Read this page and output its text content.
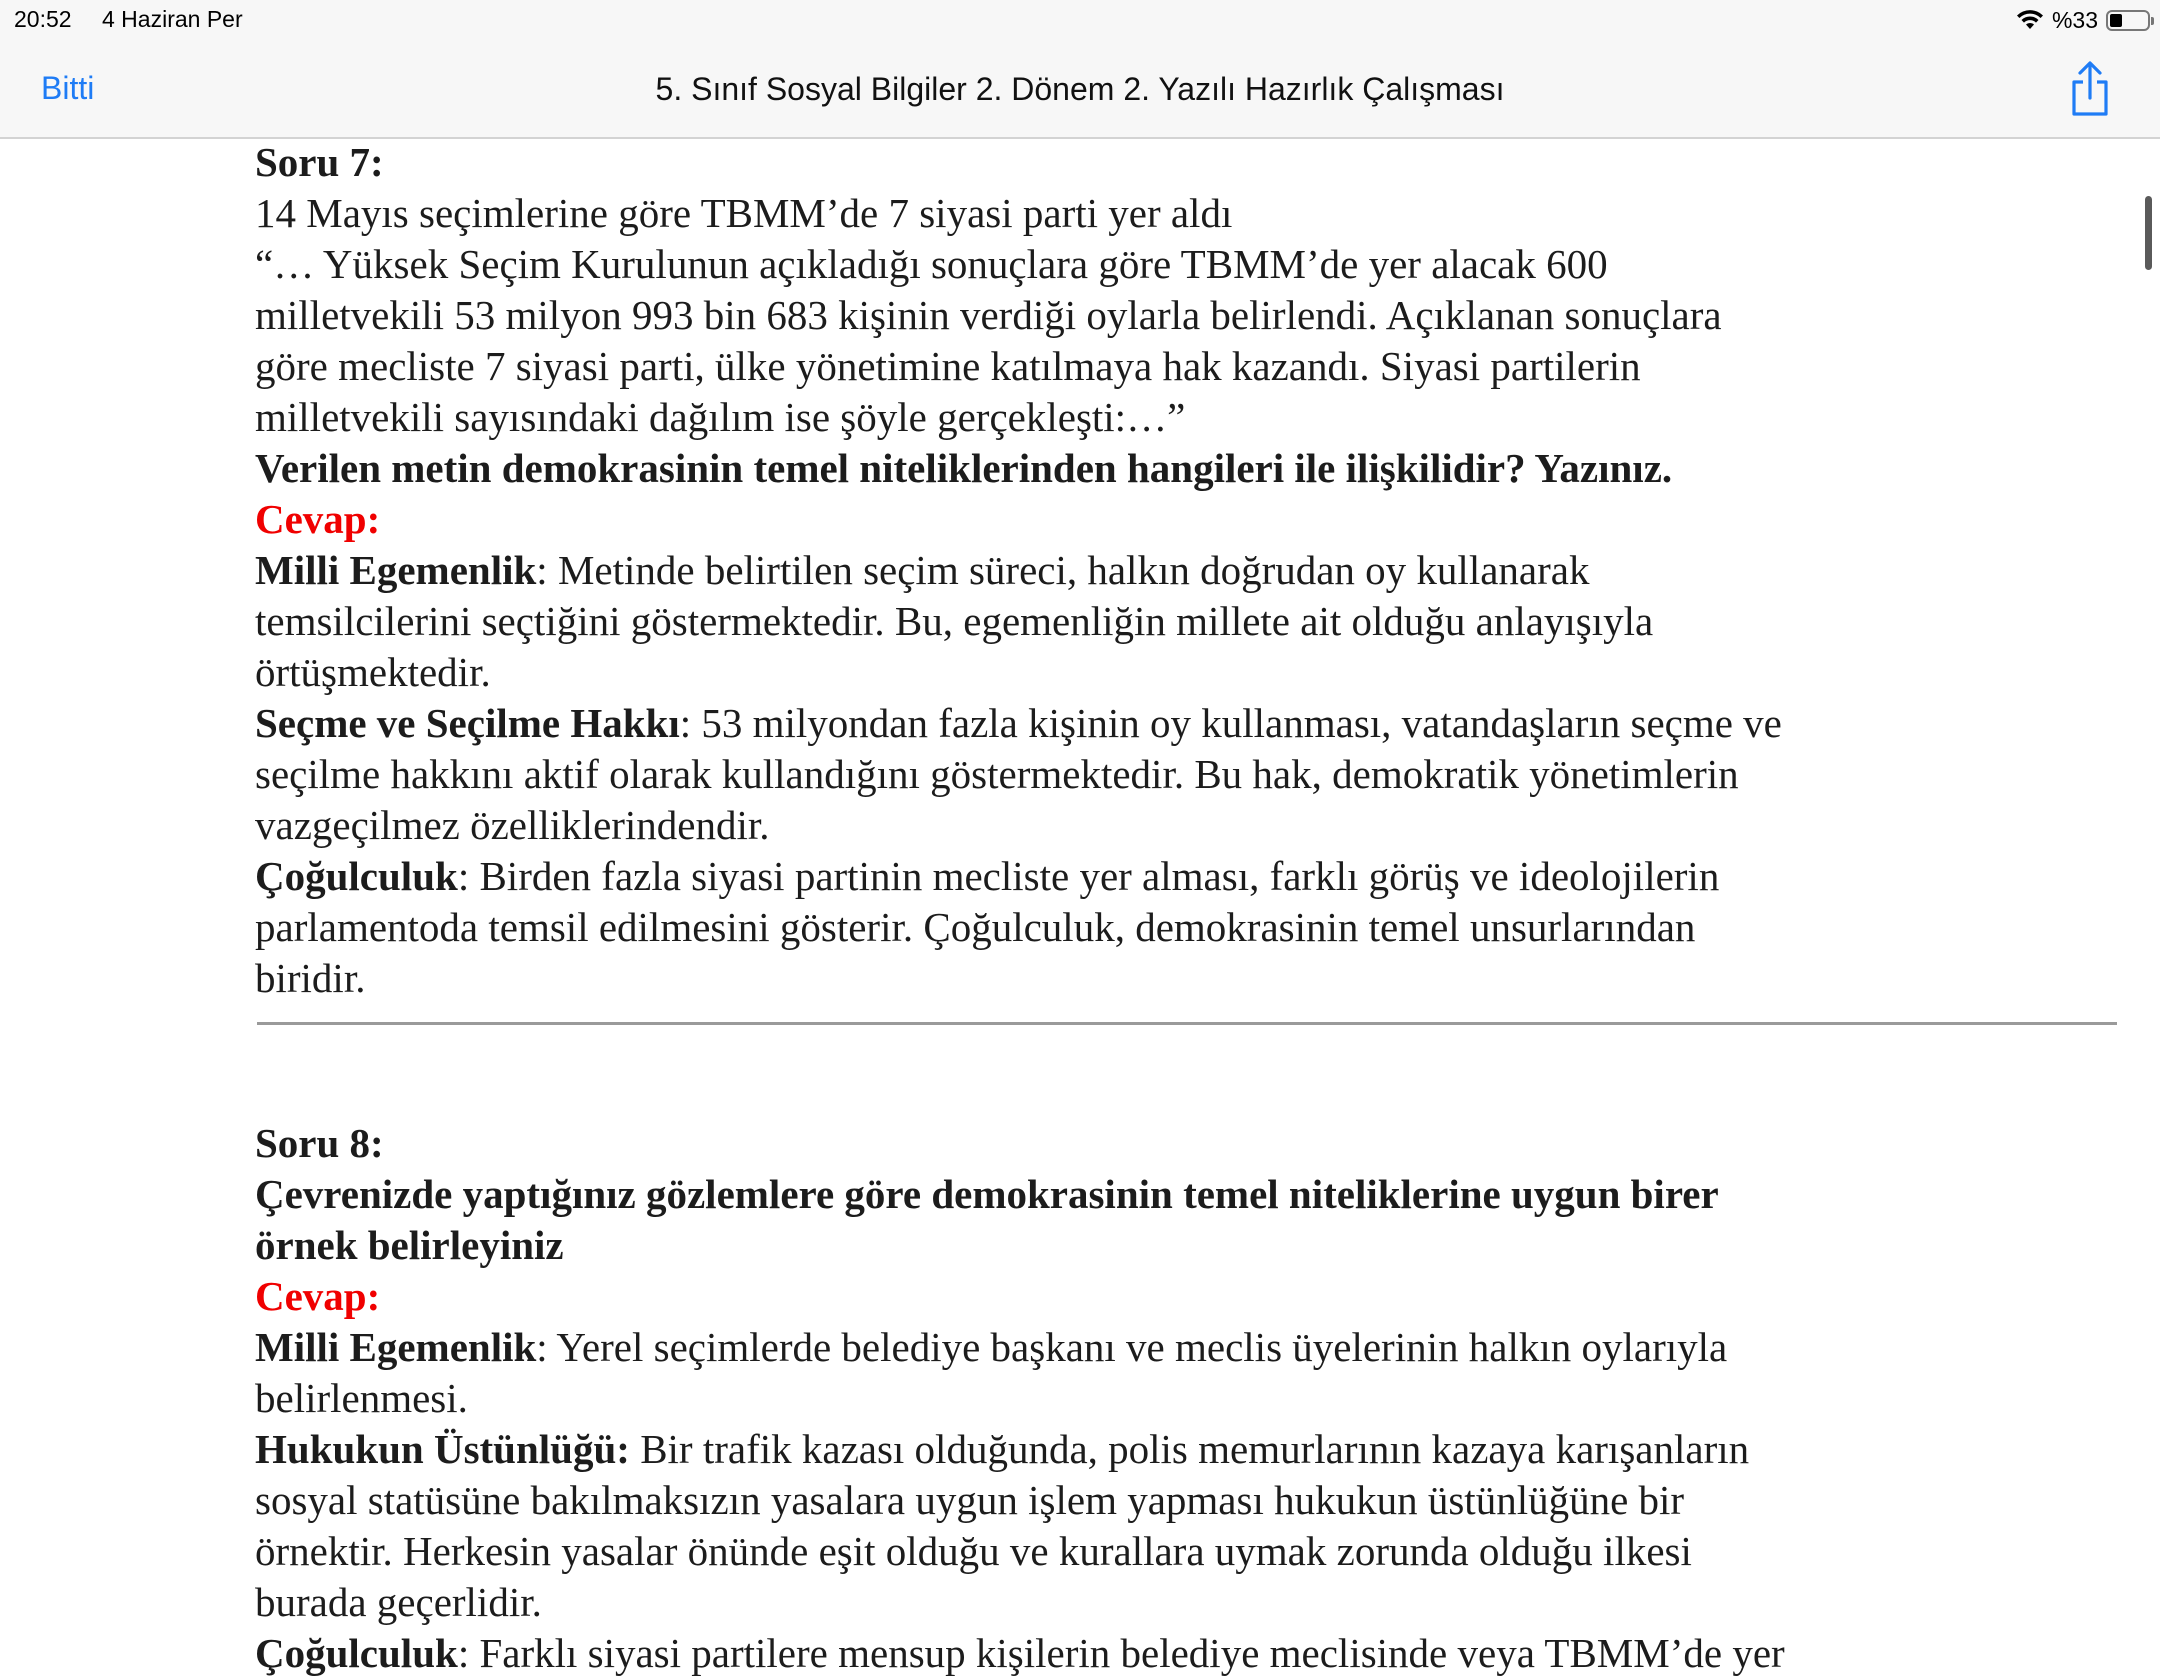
20:52 4 Haziran Per	%33
Bitti	5. Sınıf Sosyal Bilgiler 2. Dönem 2. Yazılı Hazırlık Çalışması
Soru 7:
14 Mayıs seçimlerine göre TBMM’de 7 siyasi parti yer aldı
“… Yüksek Seçim Kurulunun açıkladığı sonuçlara göre TBMM’de yer alacak 600
milletvekili 53 milyon 993 bin 683 kişinin verdiği oylarla belirlendi. Açıklanan sonuçlara
göre mecliste 7 siyasi parti, ülke yönetimine katılmaya hak kazandı. Siyasi partilerin
milletvekili sayısındaki dağılım ise şöyle gerçekleşti:…”
Verilen metin demokrasinin temel niteliklerinden hangileri ile ilişkilidir? Yazınız.
Cevap:
Milli Egemenlik: Metinde belirtilen seçim süreci, halkın doğrudan oy kullanarak
temsilcilerini seçtiğini göstermektedir. Bu, egemenliğin millete ait olduğu anlayışıyla
örtüşmektedir.
Seçme ve Seçilme Hakkı: 53 milyondan fazla kişinin oy kullanması, vatandaşların seçme ve
seçilme hakkını aktif olarak kullandığını göstermektedir. Bu hak, demokratik yönetimlerin
vazgeçilmez özelliklerindendir.
Çoğulculuk: Birden fazla siyasi partinin mecliste yer alması, farklı görüş ve ideolojilerin
parlamentoda temsil edilmesini gösterir. Çoğulculuk, demokrasinin temel unsurlarından
biridir.
Soru 8:
Çevrenizde yaptığınız gözlemlere göre demokrasinin temel niteliklerine uygun birer
örnek belirleyiniz
Cevap:
Milli Egemenlik: Yerel seçimlerde belediye başkanı ve meclis üyelerinin halkın oylarıyla
belirlenmesi.
Hukukun Üstünlüğü: Bir trafik kazası olduğunda, polis memurlarının kazaya karışanların
sosyal statüsüne bakılmaksızın yasalara uygun işlem yapması hukukun üstünlüğüne bir
örnektir. Herkesin yasalar önünde eşit olduğu ve kurallara uymak zorunda olduğu ilkesi
burada geçerlidir.
Çoğulculuk: Farklı siyasi partilere mensup kişilerin belediye meclisinde veya TBMM’de yer
